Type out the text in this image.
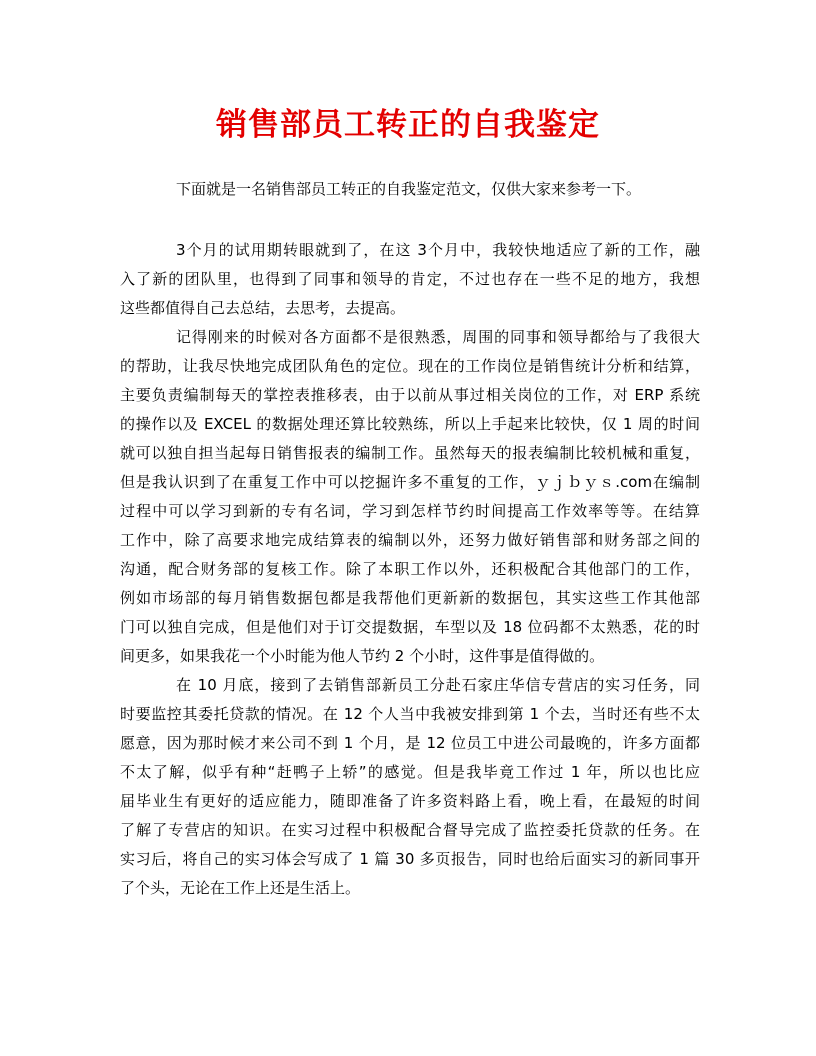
销售部员工转正的自我鉴定
下面就是一名销售部员工转正的自我鉴定范文，仅供大家来参考一下。
3个月的试用期转眼就到了，在这 3个月中，我较快地适应了新的工作，融
入了新的团队里，也得到了同事和领导的肯定，不过也存在一些不足的地方，我想
这些都值得自己去总结，去思考，去提高。
记得刚来的时候对各方面都不是很熟悉，周围的同事和领导都给与了我很大
的帮助，让我尽快地完成团队角色的定位。现在的工作岗位是销售统计分析和结算，
主要负责编制每天的掌控表推移表，由于以前从事过相关岗位的工作，对 ERP 系统
的操作以及 EXCEL 的数据处理还算比较熟练，所以上手起来比较快，仅 1 周的时间
就可以独自担当起每日销售报表的编制工作。虽然每天的报表编制比较机械和重复，
但是我认识到了在重复工作中可以挖掘许多不重复的工作，ｙｊｂｙｓ.com在编制
过程中可以学习到新的专有名词，学习到怎样节约时间提高工作效率等等。在结算
工作中，除了高要求地完成结算表的编制以外，还努力做好销售部和财务部之间的
沟通，配合财务部的复核工作。除了本职工作以外，还积极配合其他部门的工作，
例如市场部的每月销售数据包都是我帮他们更新新的数据包，其实这些工作其他部
门可以独自完成，但是他们对于订交提数据，车型以及 18 位码都不太熟悉，花的时
间更多，如果我花一个小时能为他人节约 2 个小时，这件事是值得做的。
在 10 月底，接到了去销售部新员工分赴石家庄华信专营店的实习任务，同
时要监控其委托贷款的情况。在 12 个人当中我被安排到第 1 个去，当时还有些不太
愿意，因为那时候才来公司不到 1 个月，是 12 位员工中进公司最晚的，许多方面都
不太了解，似乎有种“赶鸭子上轿”的感觉。但是我毕竟工作过 1 年，所以也比应
届毕业生有更好的适应能力，随即准备了许多资料路上看，晚上看，在最短的时间
了解了专营店的知识。在实习过程中积极配合督导完成了监控委托贷款的任务。在
实习后，将自己的实习体会写成了 1 篇 30 多页报告，同时也给后面实习的新同事开
了个头，无论在工作上还是生活上。
